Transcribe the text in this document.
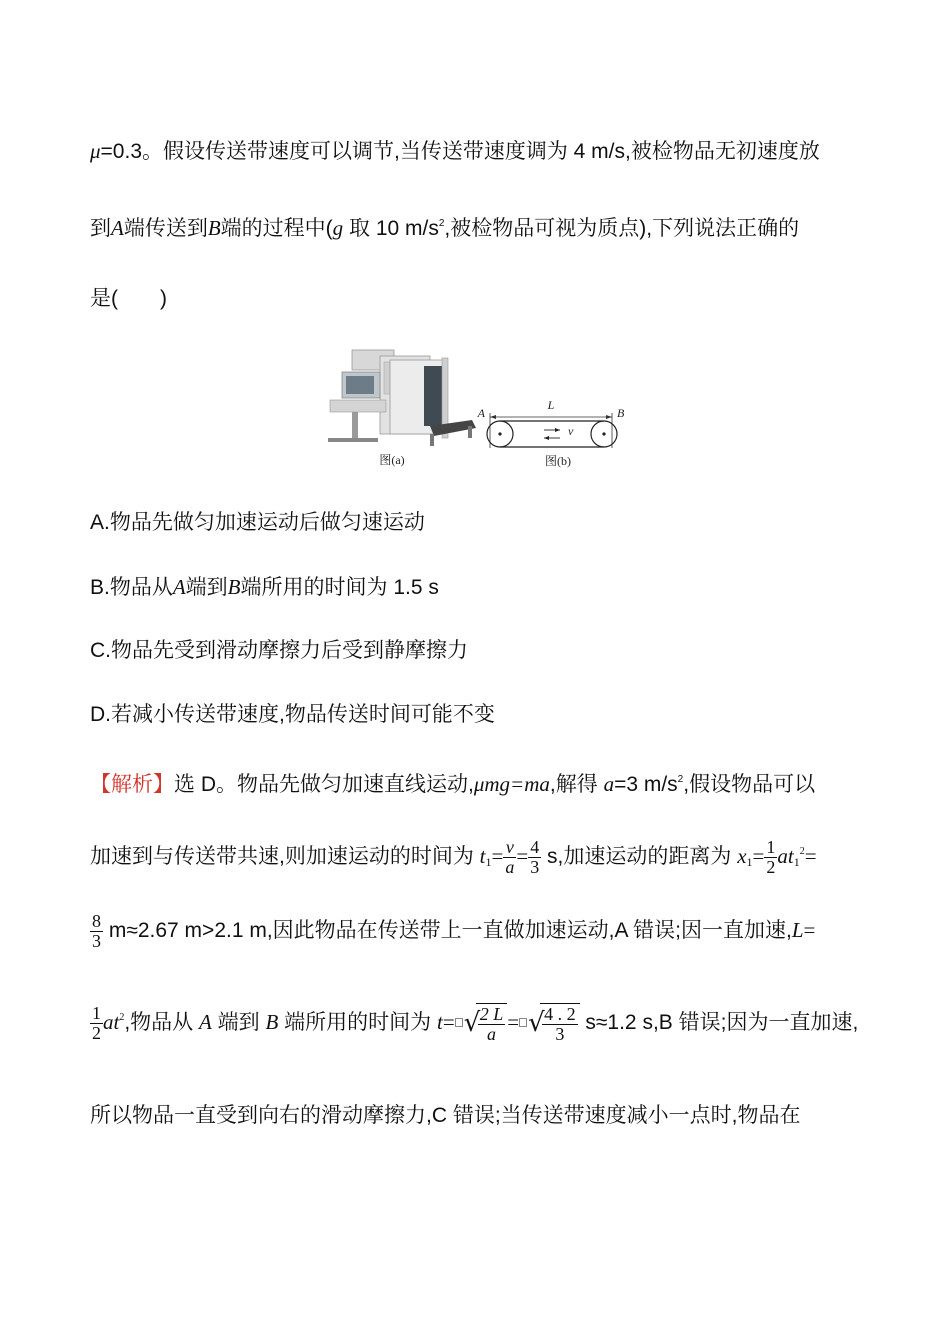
μ=0.3。假设传送带速度可以调节,当传送带速度调为 4 m/s,被检物品无初速度放
到A端传送到B端的过程中(g 取 10 $m/s^2$,被检物品可视为质点),下列说法正确的
是(　　)
图(a)
A	B
L
v
图(b)
A.物品先做匀加速运动后做匀速运动
B.物品从A端到B端所用的时间为 1.5 s
C.物品先受到滑动摩擦力后受到静摩擦力
D.若减小传送带速度,物品传送时间可能不变
【解析】选 D。物品先做匀加速直线运动,μmg=ma,解得 a=3 $m/s^2$,假设物品可以
加速到与传送带共速,则加速运动的时间为 $t_1= \frac{v}{a} = \frac{4}{3} s$,加速运动的距离为 $x_1= \frac{1}{2} at_1^2=$
$\frac{8}{3} m\approx 2.67$ m>2.1 m,因此物品在传送带上一直做加速运动,A 错误;因一直加速,L=
$\frac{1}{2} at^2$,物品从 A 端到 B 端所用的时间为 t= √
$\frac{2 L}{a}$ = √
$\frac{4 . 2}{3} s\approx 1.2$ s,B 错误;因为一直加速,
所以物品一直受到向右的滑动摩擦力,C 错误;当传送带速度减小一点时,物品在
